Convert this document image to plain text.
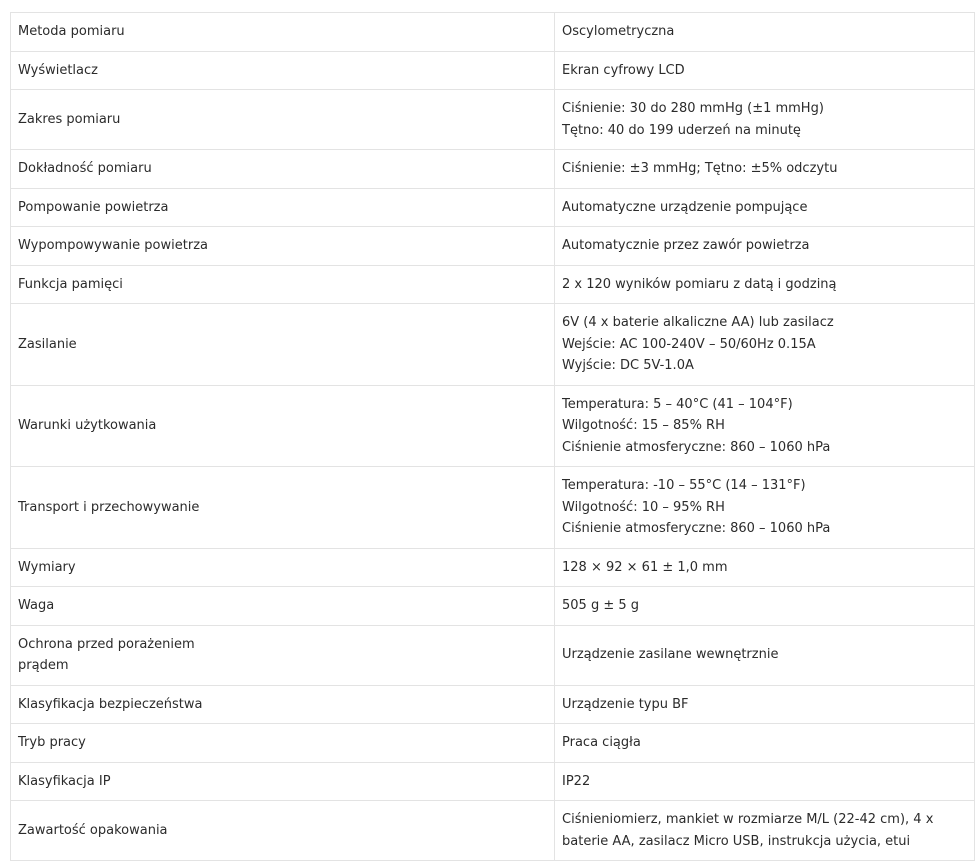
Metoda pomiaru	Oscylometryczna

Wyświetlacz	Ekran cyfrowy LCD

Zakres pomiaru	Ciśnienie: 30 do 280 mmHg (±1 mmHg)
Tętno: 40 do 199 uderzeń na minutę

Dokładność pomiaru	Ciśnienie: ±3 mmHg; Tętno: ±5% odczytu

Pompowanie powietrza	Automatyczne urządzenie pompujące

Wypompowywanie powietrza	Automatycznie przez zawór powietrza

Funkcja pamięci	2 x 120 wyników pomiaru z datą i godziną

Zasilanie	6V (4 x baterie alkaliczne AA) lub zasilacz
Wejście: AC 100-240V – 50/60Hz 0.15A
Wyjście: DC 5V-1.0A

Warunki użytkowania	Temperatura: 5 – 40°C (41 – 104°F)
Wilgotność: 15 – 85% RH
Ciśnienie atmosferyczne: 860 – 1060 hPa

Transport i przechowywanie	Temperatura: -10 – 55°C (14 – 131°F)
Wilgotność: 10 – 95% RH
Ciśnienie atmosferyczne: 860 – 1060 hPa

Wymiary	128 × 92 × 61 ± 1,0 mm

Waga	505 g ± 5 g

Ochrona przed porażeniem
prądem	Urządzenie zasilane wewnętrznie

Klasyfikacja bezpieczeństwa	Urządzenie typu BF

Tryb pracy	Praca ciągła

Klasyfikacja IP	IP22

Zawartość opakowania	Ciśnieniomierz, mankiet w rozmiarze M/L (22-42 cm), 4 x
baterie AA, zasilacz Micro USB, instrukcja użycia, etui
